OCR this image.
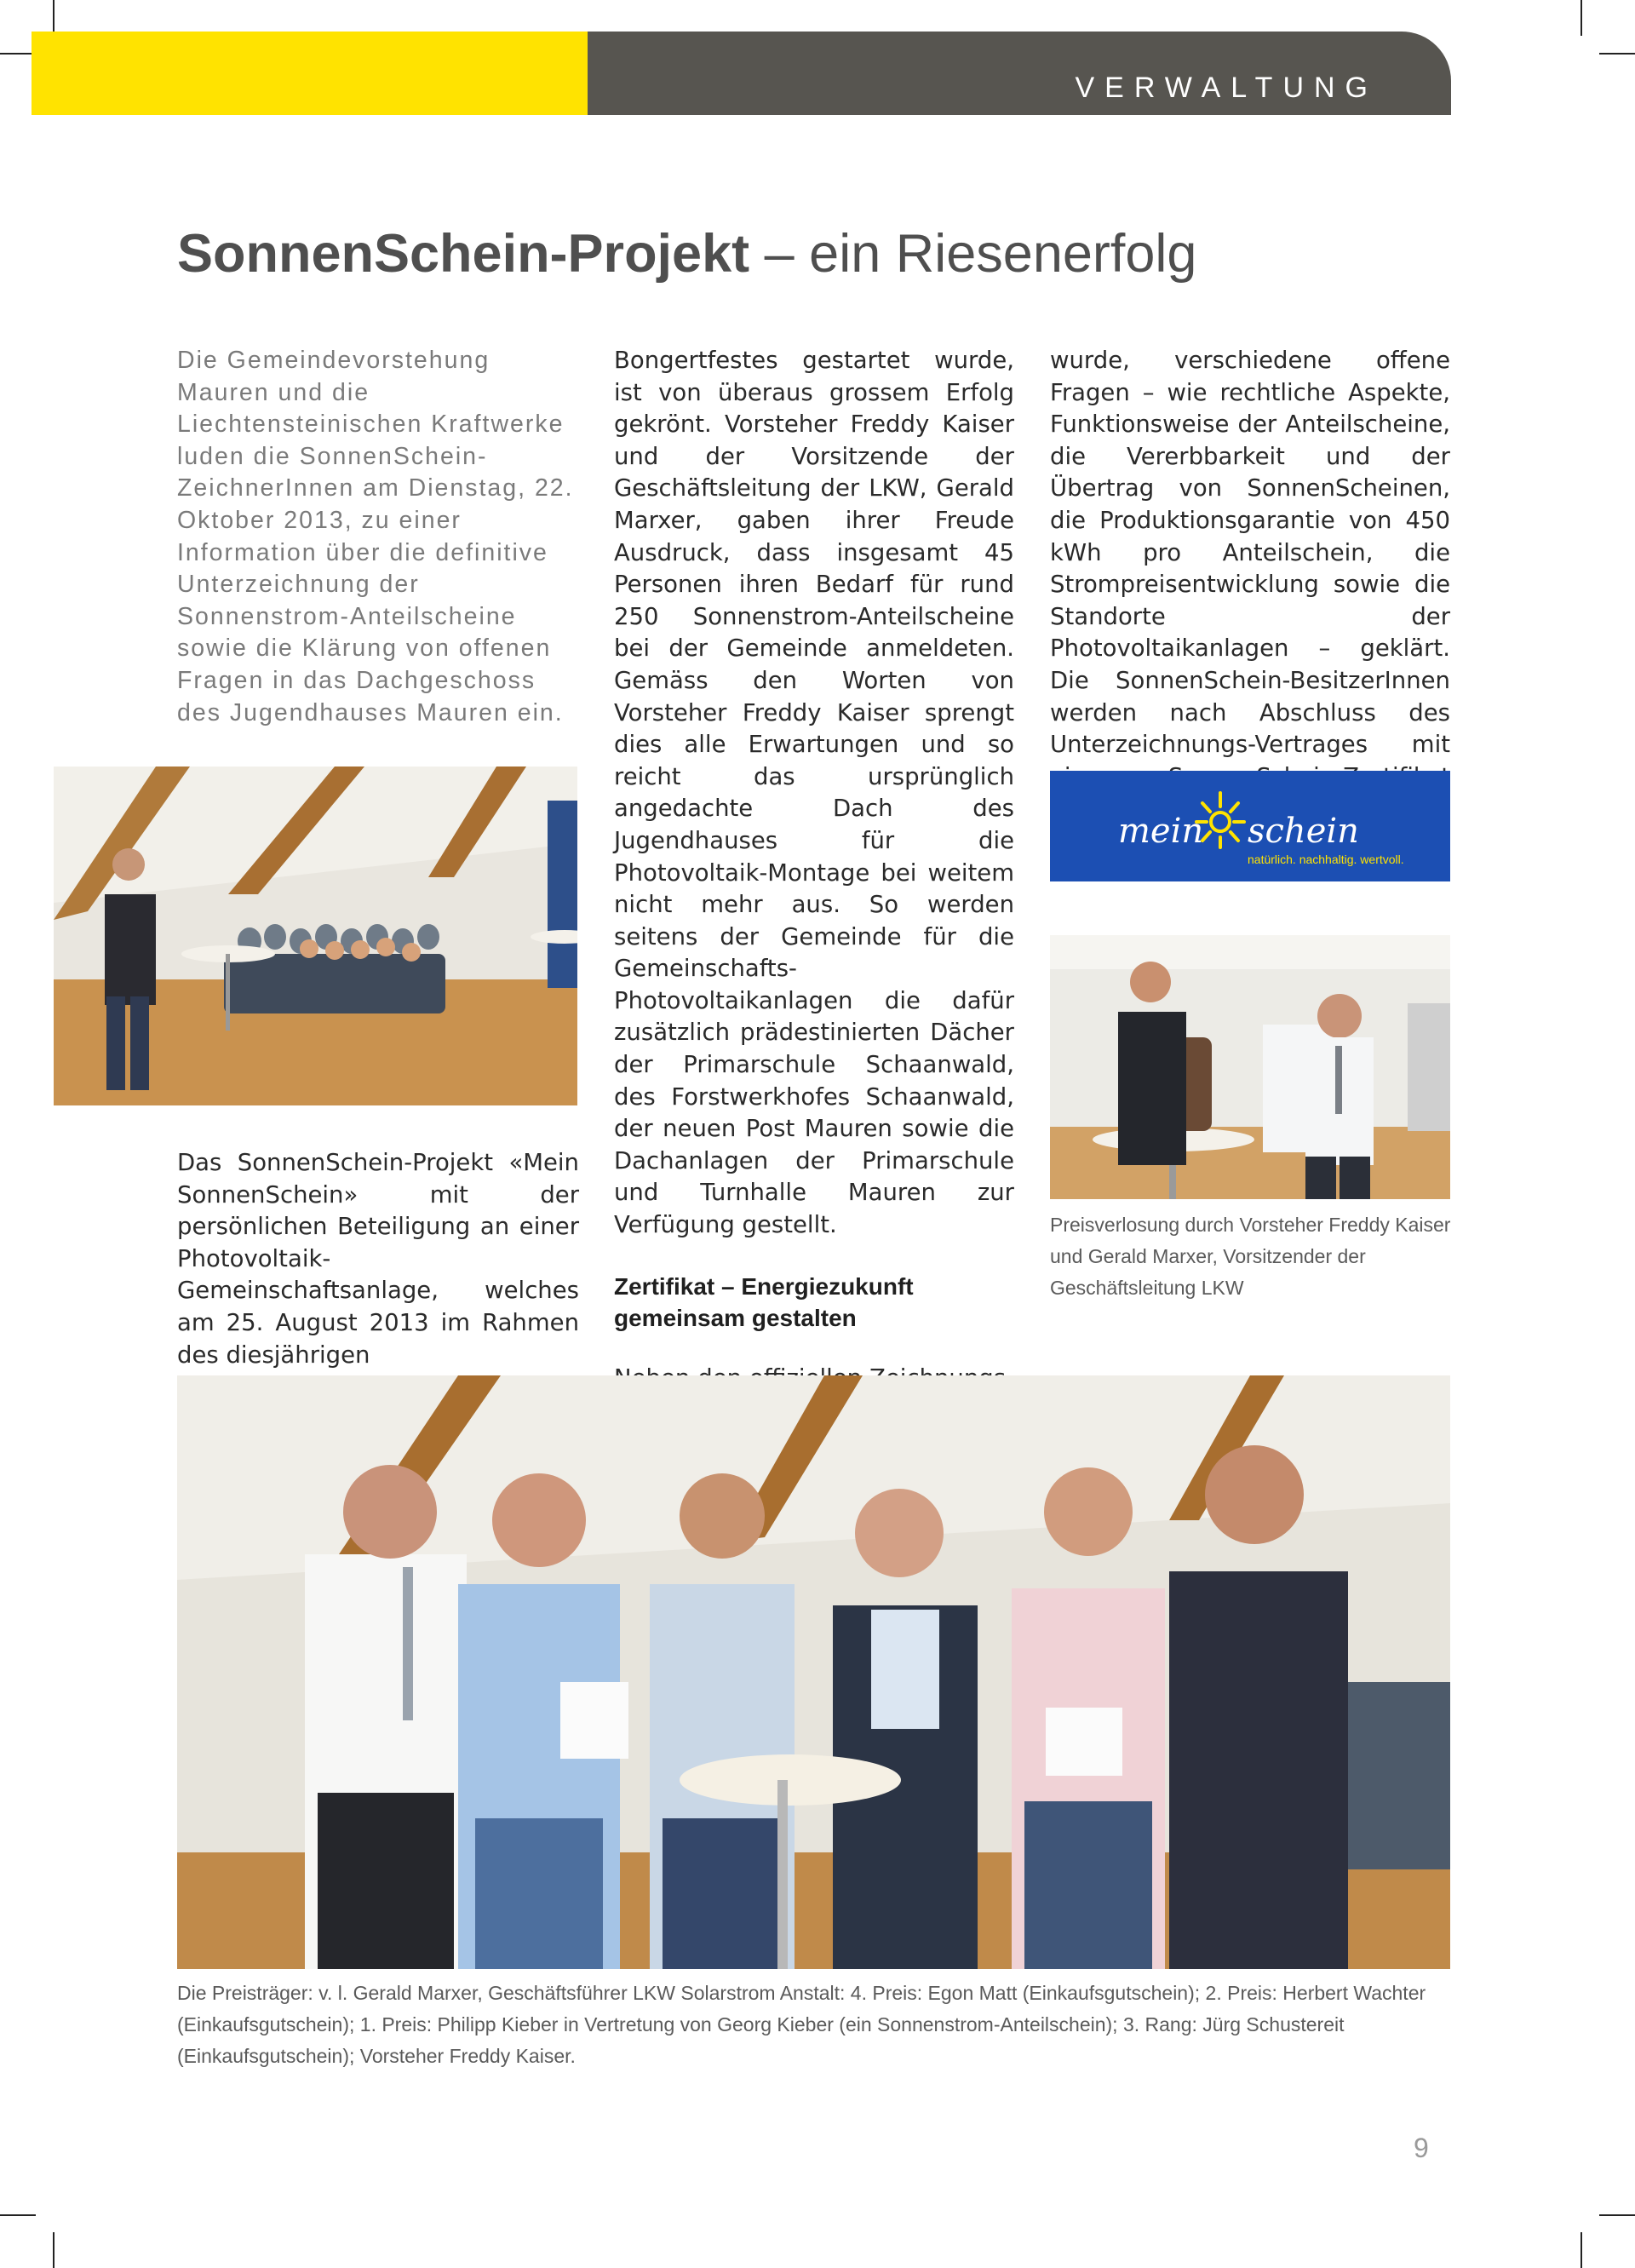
VERWALTUNG
SonnenSchein-Projekt – ein Riesenerfolg

Die Gemeindevorstehung Mauren und die Liechtensteinischen Kraftwerke luden die SonnenSchein-ZeichnerInnen am Dienstag, 22. Oktober 2013, zu einer Information über die definitive Unterzeichnung der Sonnenstrom-Anteilscheine sowie die Klärung von offenen Fragen in das Dachgeschoss des Jugendhauses Mauren ein.

Das SonnenSchein-Projekt «Mein SonnenSchein» mit der persönlichen Beteiligung an einer Photovoltaik-Gemeinschaftsanlage, welches am 25. August 2013 im Rahmen des diesjährigen

Bongertfestes gestartet wurde, ist von überaus grossem Erfolg gekrönt. Vorsteher Freddy Kaiser und der Vorsitzende der Geschäftsleitung der LKW, Gerald Marxer, gaben ihrer Freude Ausdruck, dass insgesamt 45 Personen ihren Bedarf für rund 250 Sonnenstrom-Anteilscheine bei der Gemeinde anmeldeten. Gemäss den Worten von Vorsteher Freddy Kaiser sprengt dies alle Erwartungen und so reicht das ursprünglich angedachte Dach des Jugendhauses für die Photovoltaik-Montage bei weitem nicht mehr aus. So werden seitens der Gemeinde für die Gemeinschafts-Photovoltaikanlagen die dafür zusätzlich prädestinierten Dächer der Primarschule Schaanwald, des Forstwerkhofes Schaanwald, der neuen Post Mauren sowie die Dachanlagen der Primarschule und Turnhalle Mauren zur Verfügung gestellt.

Zertifikat – Energiezukunft gemeinsam gestalten

wurde, verschiedene offene Fragen – wie rechtliche Aspekte, Funktionsweise der Anteilscheine, die Vererbbarkeit und der Übertrag von SonnenScheinen, die Produktionsgarantie von 450 kWh pro Anteilschein, die Strompreisentwicklung sowie die Standorte der Photovoltaikanlagen – geklärt. Die SonnenSchein-BesitzerInnen werden nach Abschluss des Unterzeichnungs-Vertrages mit

mein schein
natürlich. nachhaltig. wertvoll.
Preisverlosung durch Vorsteher Freddy Kaiser und Gerald Marxer, Vorsitzender der Geschäftsleitung LKW
Die Preisträger: v. l. Gerald Marxer, Geschäftsführer LKW Solarstrom Anstalt: 4. Preis: Egon Matt (Einkaufsgutschein); 2. Preis: Herbert Wachter (Einkaufsgutschein); 1. Preis: Philipp Kieber in Vertretung von Georg Kieber (ein Sonnenstrom-Anteilschein); 3. Rang: Jürg Schustereit (Einkaufsgutschein); Vorsteher Freddy Kaiser.
9
